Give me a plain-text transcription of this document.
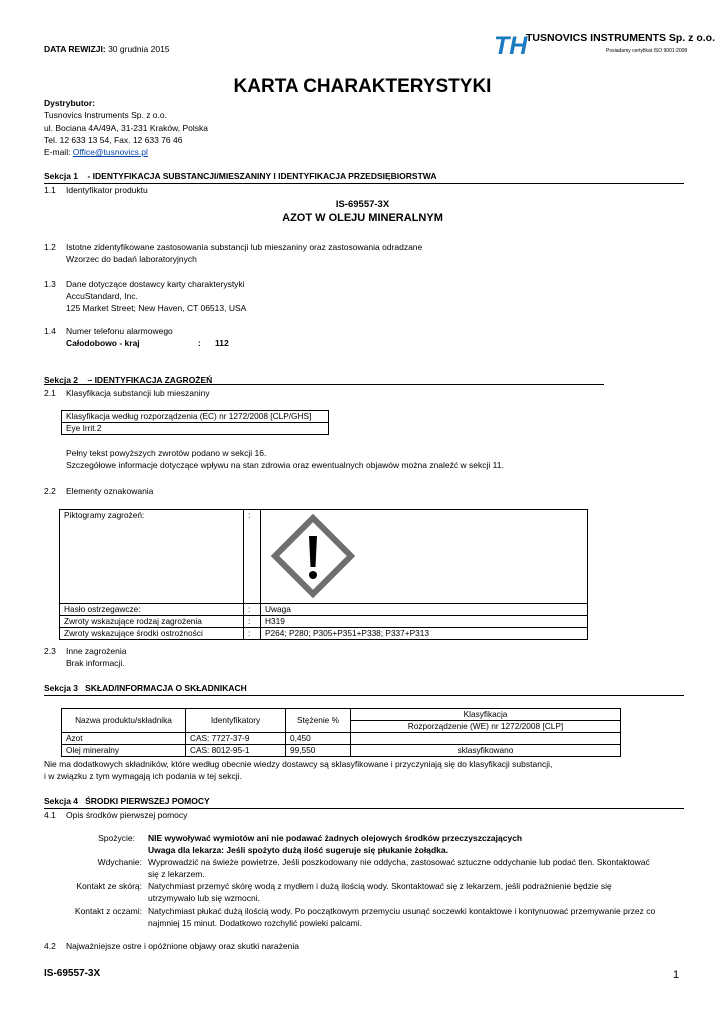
DATA REWIZJI: 30 grudnia 2015	TH
TUSNOVICS INSTRUMENTS Sp. z o.o.
Posiadamy certyfikat ISO 9001:2008
KARTA CHARAKTERYSTYKI
Dystrybutor:
Tusnovics Instruments Sp. z o.o.
ul. Bociana 4A/49A, 31-231 Kraków, Polska
Tel. 12 633 13 54, Fax. 12 633 76 46
E-mail: Office@tusnovics.pl
Sekcja 1    - IDENTYFIKACJA SUBSTANCJI/MIESZANINY I IDENTYFIKACJA PRZEDSIĘBIORSTWA
1.1 Identyfikator produktu
IS-69557-3X
AZOT W OLEJU MINERALNYM
1.2 Istotne zidentyfikowane zastosowania substancji lub mieszaniny oraz zastosowania odradzane
Wzorzec do badań laboratoryjnych
1.3 Dane dotyczące dostawcy karty charakterystyki
AccuStandard, Inc.
125 Market Street; New Haven, CT 06513, USA
1.4 Numer telefonu alarmowego
Całodobowo - kraj	: 112
Sekcja 2    – IDENTYFIKACJA ZAGROŻEŃ
2.1 Klasyfikacja substancji lub mieszaniny
Klasyfikacja według rozporządzenia (EC) nr 1272/2008 [CLP/GHS]
Eye Irrit.2
Pełny tekst powyższych zwrotów podano w sekcji 16.
Szczegółowe informacje dotyczące wpływu na stan zdrowia oraz ewentualnych objawów można znaleźć w sekcji 11.
2.2 Elementy oznakowania
Piktogramy zagrożeń:	:	
Hasło ostrzegawcze:	:	Uwaga
Zwroty wskazujące rodzaj zagrożenia	:	H319
Zwroty wskazujące środki ostrożności	:	P264; P280; P305+P351+P338; P337+P313
2.3 Inne zagrożenia
Brak informacji.
Sekcja 3   SKŁAD/INFORMACJA O SKŁADNIKACH
Nazwa produktu/składnika	Identyfikatory	Stężenie %	Klasyfikacja
			Rozporządzenie (WE) nr 1272/2008 [CLP]
Azot	CAS: 7727-37-9	0,450	
Olej mineralny	CAS: 8012-95-1	99,550	sklasyfikowano
Nie ma dodatkowych składników, które według obecnie wiedzy dostawcy są sklasyfikowane i przyczyniają się do klasyfikacji substancji,
i w związku z tym wymagają ich podania w tej sekcji.
Sekcja 4   ŚRODKI PIERWSZEJ POMOCY
4.1 Opis środków pierwszej pomocy
Spożycie: NIE wywoływać wymiotów ani nie podawać żadnych olejowych środków przeczyszczających
Uwaga dla lekarza: Jeśli spożyto dużą ilość sugeruje się płukanie żołądka.
Wdychanie: Wyprowadzić na świeże powietrze. Jeśli poszkodowany nie oddycha, zastosować sztuczne oddychanie lub podać tlen. Skontaktować
się z lekarzem.
Kontakt ze skórą: Natychmiast przemyć skórę wodą z mydłem i dużą ilością wody. Skontaktować się z lekarzem, jeśli podrażnienie będzie się
utrzymywało lub się wzmocni.
Kontakt z oczami: Natychmiast płukać dużą ilością wody. Po początkowym przemyciu usunąć soczewki kontaktowe i kontynuować przemywanie przez co
najmniej 15 minut. Dodatkowo rozchylić powieki palcami.
4.2 Najważniejsze ostre i opóźnione objawy oraz skutki narażenia
IS-69557-3X	1
